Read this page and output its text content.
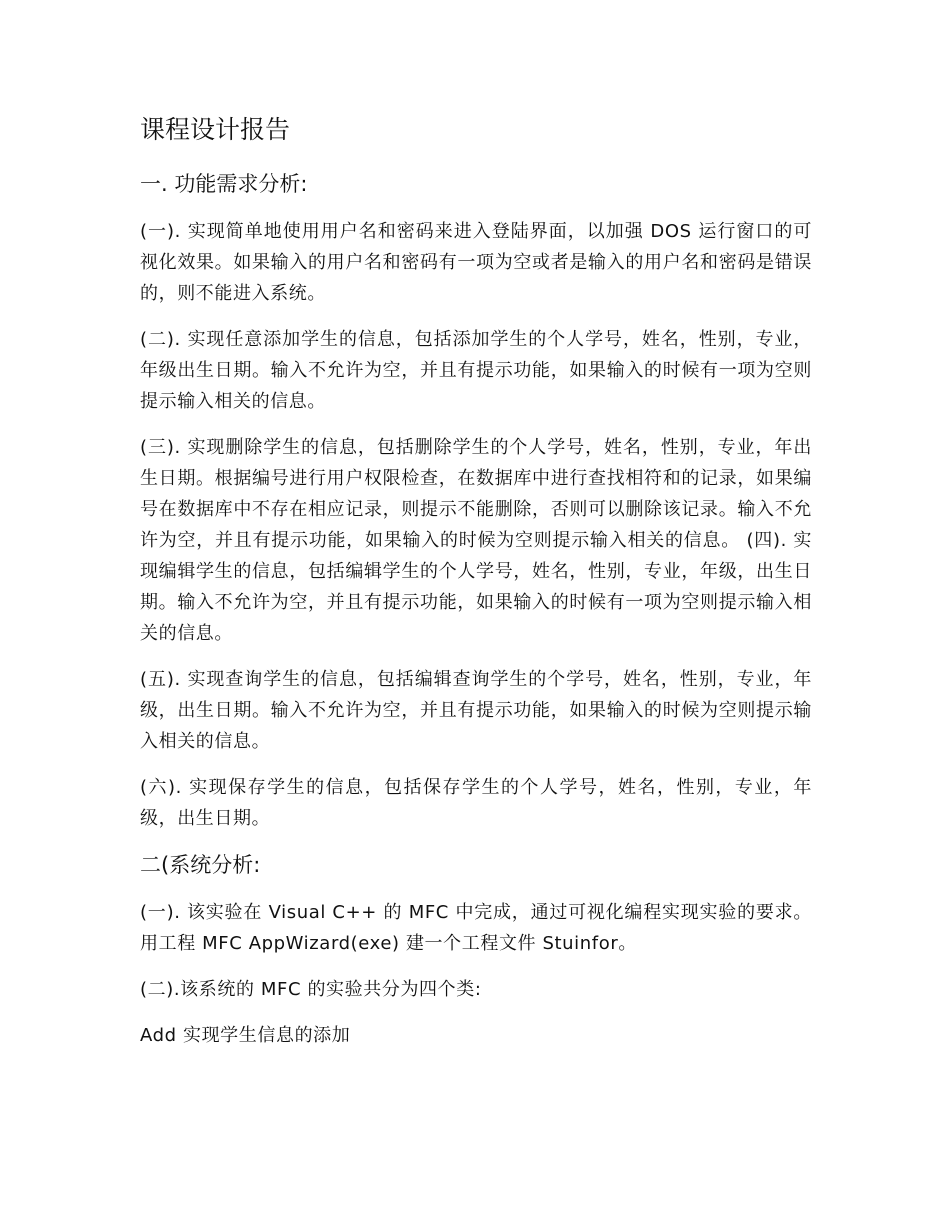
课程设计报告
一. 功能需求分析:

(一). 实现简单地使用用户名和密码来进入登陆界面，以加强 DOS 运行窗口的可视化效果。如果输入的用户名和密码有一项为空或者是输入的用户名和密码是错误的，则不能进入系统。

(二). 实现任意添加学生的信息，包括添加学生的个人学号，姓名，性别，专业，年级出生日期。输入不允许为空，并且有提示功能，如果输入的时候有一项为空则提示输入相关的信息。

(三). 实现删除学生的信息，包括删除学生的个人学号，姓名，性别，专业，年出生日期。根据编号进行用户权限检查，在数据库中进行查找相符和的记录，如果编号在数据库中不存在相应记录，则提示不能删除，否则可以删除该记录。输入不允许为空，并且有提示功能，如果输入的时候为空则提示输入相关的信息。 (四). 实现编辑学生的信息，包括编辑学生的个人学号，姓名，性别，专业，年级，出生日期。输入不允许为空，并且有提示功能，如果输入的时候有一项为空则提示输入相关的信息。

(五). 实现查询学生的信息，包括编辑查询学生的个学号，姓名，性别，专业，年级，出生日期。输入不允许为空，并且有提示功能，如果输入的时候为空则提示输入相关的信息。

(六). 实现保存学生的信息，包括保存学生的个人学号，姓名，性别，专业，年级，出生日期。

二(系统分析:

(一). 该实验在 Visual C++ 的 MFC 中完成，通过可视化编程实现实验的要求。用工程 MFC AppWizard(exe) 建一个工程文件 Stuinfor。

(二).该系统的 MFC 的实验共分为四个类:

Add 实现学生信息的添加
